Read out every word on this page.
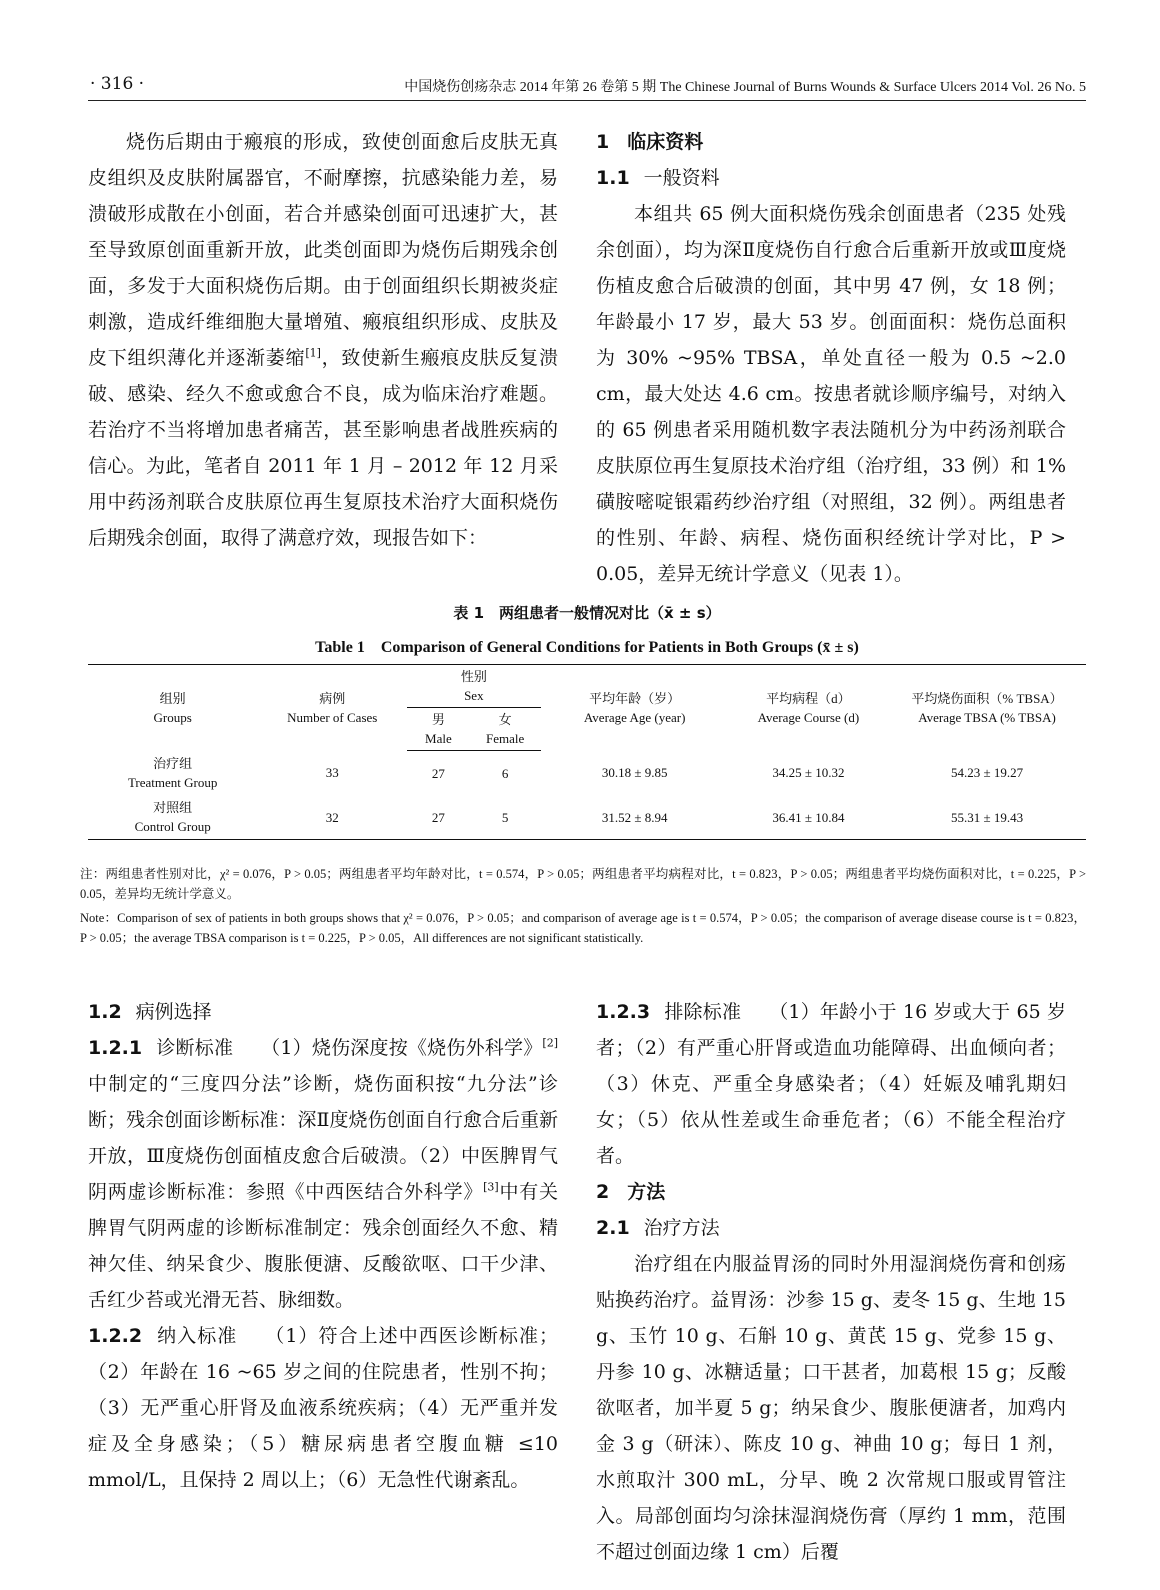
· 316 ·	中国烧伤创疡杂志 2014 年第 26 卷第 5 期 The Chinese Journal of Burns Wounds & Surface Ulcers 2014 Vol. 26 No. 5

烧伤后期由于瘢痕的形成，致使创面愈后皮肤无真皮组织及皮肤附属器官，不耐摩擦，抗感染能力差，易溃破形成散在小创面，若合并感染创面可迅速扩大，甚至导致原创面重新开放，此类创面即为烧伤后期残余创面，多发于大面积烧伤后期。由于创面组织长期被炎症刺激，造成纤维细胞大量增殖、瘢痕组织形成、皮肤及皮下组织薄化并逐渐萎缩[1]，致使新生瘢痕皮肤反复溃破、感染、经久不愈或愈合不良，成为临床治疗难题。若治疗不当将增加患者痛苦，甚至影响患者战胜疾病的信心。为此，笔者自 2011 年 1 月 – 2012 年 12 月采用中药汤剂联合皮肤原位再生复原技术治疗大面积烧伤后期残余创面，取得了满意疗效，现报告如下：

1 临床资料
1.1 一般资料

本组共 65 例大面积烧伤残余创面患者（235 处残余创面），均为深Ⅱ度烧伤自行愈合后重新开放或Ⅲ度烧伤植皮愈合后破溃的创面，其中男 47 例，女 18 例；年龄最小 17 岁，最大 53 岁。创面面积：烧伤总面积为 30% ~95% TBSA，单处直径一般为 0.5 ~2.0 cm，最大处达 4.6 cm。按患者就诊顺序编号，对纳入的 65 例患者采用随机数字表法随机分为中药汤剂联合皮肤原位再生复原技术治疗组（治疗组，33 例）和 1% 磺胺嘧啶银霜药纱治疗组（对照组，32 例）。两组患者的性别、年龄、病程、烧伤面积经统计学对比，P > 0.05，差异无统计学意义（见表 1）。

表 1　两组患者一般情况对比（x̄ ± s）
Table 1　Comparison of General Conditions for Patients in Both Groups (x̄ ± s)
组别
Groups	病例
Number of Cases	性别
Sex		平均年龄（岁）
Average Age (year)	平均病程（d）
Average Course (d)	平均烧伤面积（% TBSA）
Average TBSA (% TBSA)
		男
Male	女
Female			
治疗组
Treatment Group	33	27	6	30.18 ± 9.85	34.25 ± 10.32	54.23 ± 19.27
对照组
Control Group	32	27	5	31.52 ± 8.94	36.41 ± 10.84	55.31 ± 19.43
注：两组患者性别对比，χ² = 0.076，P > 0.05；两组患者平均年龄对比，t = 0.574，P > 0.05；两组患者平均病程对比，t = 0.823，P > 0.05；两组患者平均烧伤面积对比，t = 0.225，P > 0.05，差异均无统计学意义。
Note：Comparison of sex of patients in both groups shows that χ² = 0.076，P > 0.05；and comparison of average age is t = 0.574，P > 0.05；the comparison of average disease course is t = 0.823，P > 0.05；the average TBSA comparison is t = 0.225，P > 0.05，All differences are not significant statistically.
1.2 病例选择

1.2.1 诊断标准 （1）烧伤深度按《烧伤外科学》[2]中制定的“三度四分法”诊断，烧伤面积按“九分法”诊断；残余创面诊断标准：深Ⅱ度烧伤创面自行愈合后重新开放，Ⅲ度烧伤创面植皮愈合后破溃。（2）中医脾胃气阴两虚诊断标准：参照《中西医结合外科学》[3]中有关脾胃气阴两虚的诊断标准制定：残余创面经久不愈、精神欠佳、纳呆食少、腹胀便溏、反酸欲呕、口干少津、舌红少苔或光滑无苔、脉细数。

1.2.2 纳入标准 （1）符合上述中西医诊断标准；（2）年龄在 16 ~65 岁之间的住院患者，性别不拘；（3）无严重心肝肾及血液系统疾病；（4）无严重并发症及全身感染；（5）糖尿病患者空腹血糖 ≤10 mmol/L，且保持 2 周以上；（6）无急性代谢紊乱。

1.2.3 排除标准 （1）年龄小于 16 岁或大于 65 岁者；（2）有严重心肝肾或造血功能障碍、出血倾向者；（3）休克、严重全身感染者；（4）妊娠及哺乳期妇女；（5）依从性差或生命垂危者；（6）不能全程治疗者。

2 方法
2.1 治疗方法

治疗组在内服益胃汤的同时外用湿润烧伤膏和创疡贴换药治疗。益胃汤：沙参 15 g、麦冬 15 g、生地 15 g、玉竹 10 g、石斛 10 g、黄芪 15 g、党参 15 g、丹参 10 g、冰糖适量；口干甚者，加葛根 15 g；反酸欲呕者，加半夏 5 g；纳呆食少、腹胀便溏者，加鸡内金 3 g（研沫）、陈皮 10 g、神曲 10 g；每日 1 剂，水煎取汁 300 mL，分早、晚 2 次常规口服或胃管注入。局部创面均匀涂抹湿润烧伤膏（厚约 1 mm，范围不超过创面边缘 1 cm）后覆
